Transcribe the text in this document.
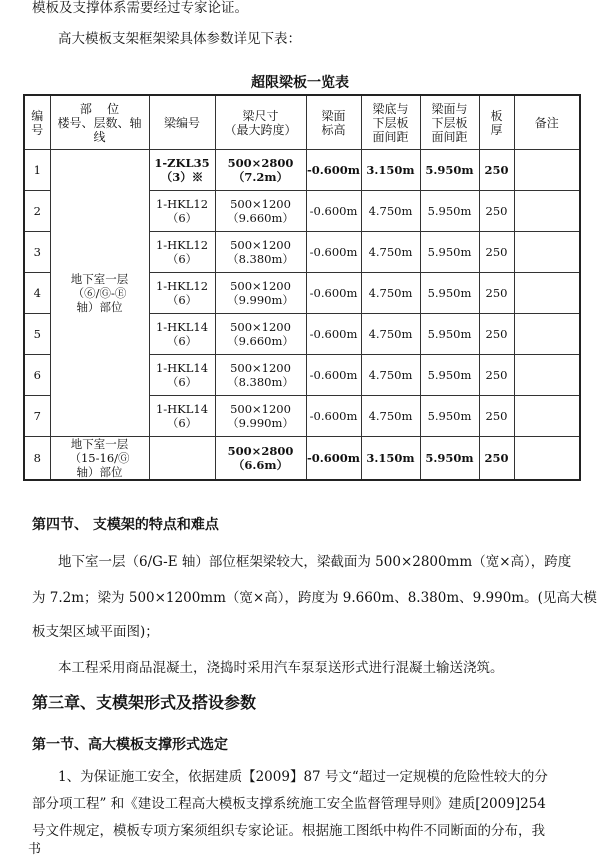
模板及支撑体系需要经过专家论证。
高大模板支架框架梁具体参数详见下表：
超限梁板一览表
编
号	部    位
楼号、层数、轴
线	梁编号	梁尺寸
（最大跨度）	梁面
标高	梁底与
下层板
面间距	梁面与
下层板
面间距	板
厚	备注
1	地下室一层
（⑥/Ⓖ-Ⓔ
轴）部位	1-ZKL35
（3）※	500×2800
（7.2m）	-0.600m	3.150m	5.950m	250	
2		1-HKL12
（6）	500×1200
（9.660m）	-0.600m	4.750m	5.950m	250	
3		1-HKL12
（6）	500×1200
（8.380m）	-0.600m	4.750m	5.950m	250	
4		1-HKL12
（6）	500×1200
（9.990m）	-0.600m	4.750m	5.950m	250	
5		1-HKL14
（6）	500×1200
（9.660m）	-0.600m	4.750m	5.950m	250	
6		1-HKL14
（6）	500×1200
（8.380m）	-0.600m	4.750m	5.950m	250	
7		1-HKL14
（6）	500×1200
（9.990m）	-0.600m	4.750m	5.950m	250	
8	地下室一层
（15-16/Ⓖ
轴）部位		500×2800
（6.6m）	-0.600m	3.150m	5.950m	250	
第四节、 支模架的特点和难点
地下室一层（6/G-E 轴）部位框架梁较大，梁截面为 500×2800mm（宽×高），跨度
为 7.2m；梁为 500×1200mm（宽×高），跨度为 9.660m、8.380m、9.990m。(见高大模
板支架区域平面图)；
本工程采用商品混凝土，浇捣时采用汽车泵泵送形式进行混凝土输送浇筑。
第三章、支模架形式及搭设参数
第一节、高大模板支撑形式选定
1、为保证施工安全，依据建质【2009】87 号文“超过一定规模的危险性较大的分
部分项工程” 和《建设工程高大模板支撑系统施工安全监督管理导则》建质[2009]254
号文件规定，模板专项方案须组织专家论证。根据施工图纸中构件不同断面的分布，我
书
